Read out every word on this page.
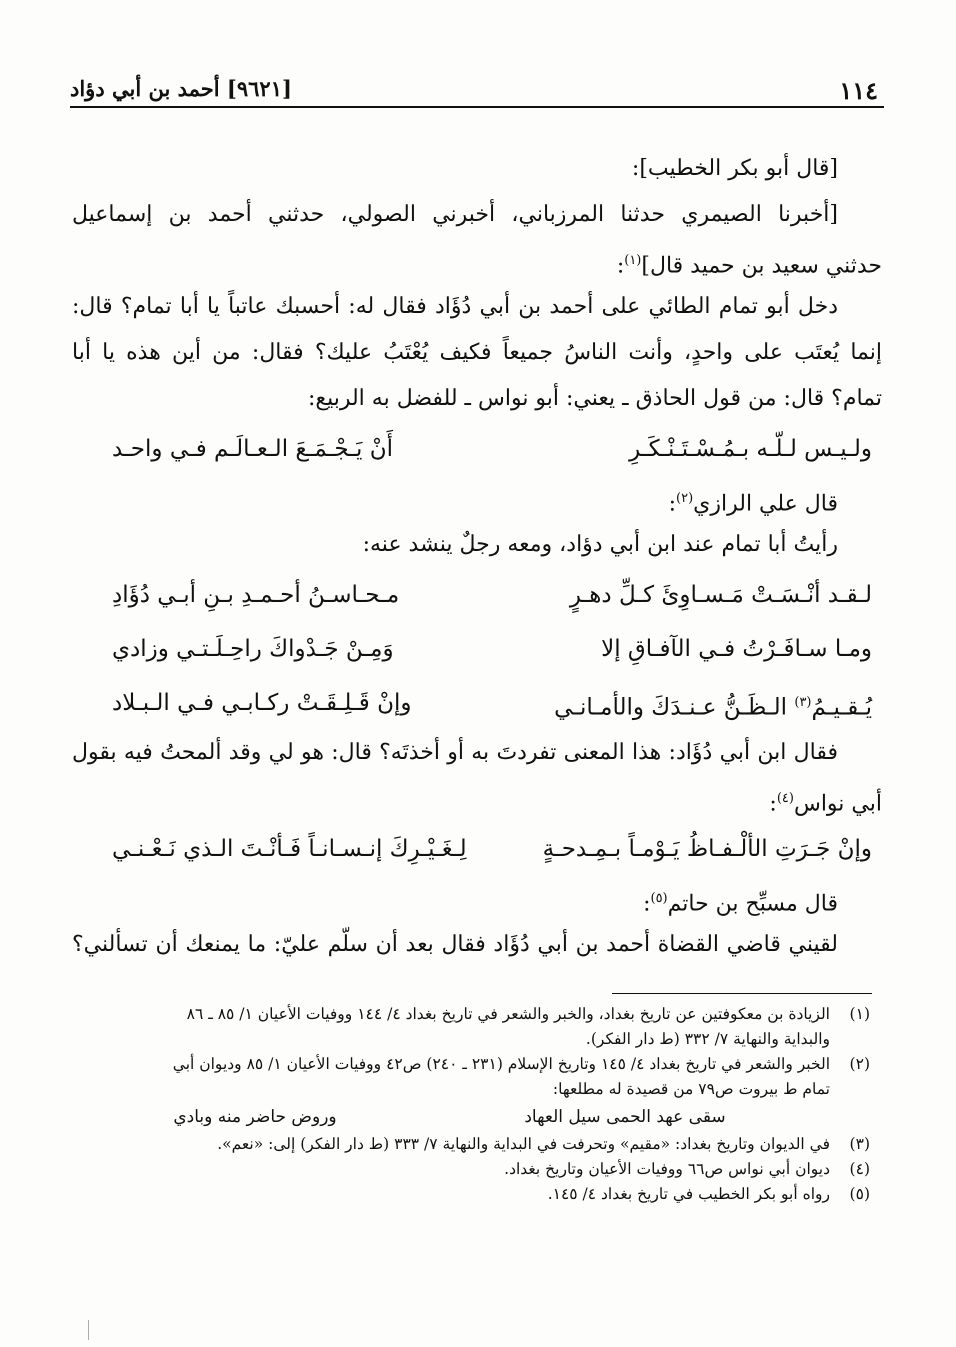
١١٤
[٩٦٢١] أحمد بن أبي دؤاد
[قال أبو بكر الخطيب]:
[أخبرنا الصيمري حدثنا المرزباني، أخبرني الصولي، حدثني أحمد بن إسماعيل
حدثني سعيد بن حميد قال]$^{(١)}$:
دخل أبو تمام الطائي على أحمد بن أبي دُؤَاد فقال له: أحسبك عاتباً يا أبا تمام؟ قال:
إنما يُعتَب على واحدٍ، وأنت الناسُ جميعاً فكيف يُعْتَبُ عليك؟ فقال: من أين هذه يا أبا
تمام؟ قال: من قول الحاذق ـ يعني: أبو نواس ـ للفضل به الربيع:
ولـيـس لـلّـه بـمُـسْـتَـنْـكَـرِ
أَنْ يَـجْـمَـعَ الـعـالَـم فـي واحـد
قال علي الرازي$^{(٢)}$:
رأيتُ أبا تمام عند ابن أبي دؤاد، ومعه رجلٌ ينشد عنه:
لـقـد أنْـسَـتْ مَـسـاوِئَ كـلِّ دهـرٍ
مـحـاسـنُ أحـمـدِ بـنِ أبـي دُؤَادِ
ومـا سـافَـرْتُ فـي الآفـاقِ إلا
وَمِـنْ جَـدْواكَ راحِـلَـتـي وزادي
يُـقـيـمُ$^{(٣)}$ الـظَـنُّ عـنـدَكَ والأمـانـي
وإنْ قَـلِـقَـتْ ركـابـي فـي الـبـلاد
فقال ابن أبي دُؤَاد: هذا المعنى تفردتَ به أو أخذتَه؟ قال: هو لي وقد ألمحتُ فيه بقول
أبي نواس$^{(٤)}$:
وإنْ جَـرَتِ الألْـفـاظُ يَـوْمـاً بـمِـدحـةٍ
لِـغَـيْـرِكَ إنـسـانـاً فَـأنْـتَ الـذي نَـعْـنـي
قال مسبِّح بن حاتم$^{(٥)}$:
لقيني قاضي القضاة أحمد بن أبي دُؤَاد فقال بعد أن سلّم عليّ: ما يمنعك أن تسألني؟
(١)
الزيادة بن معكوفتين عن تاريخ بغداد، والخبر والشعر في تاريخ بغداد ٤/ ١٤٤ ووفيات الأعيان ١/ ٨٥ ـ ٨٦
والبداية والنهاية ٧/ ٣٣٢ (ط دار الفكر).
(٢)
الخبر والشعر في تاريخ بغداد ٤/ ١٤٥ وتاريخ الإسلام (٢٣١ ـ ٢٤٠) ص٤٢ ووفيات الأعيان ١/ ٨٥ وديوان أبي
تمام ط بيروت ص٧٩ من قصيدة له مطلعها:
سقى عهد الحمى سيل العهاد
وروض حاضر منه وبادي
(٣)
في الديوان وتاريخ بغداد: «مقيم» وتحرفت في البداية والنهاية ٧/ ٣٣٣ (ط دار الفكر) إلى: «نعم».
(٤)
ديوان أبي نواس ص٦٦ ووفيات الأعيان وتاريخ بغداد.
(٥)
رواه أبو بكر الخطيب في تاريخ بغداد ٤/ ١٤٥.
